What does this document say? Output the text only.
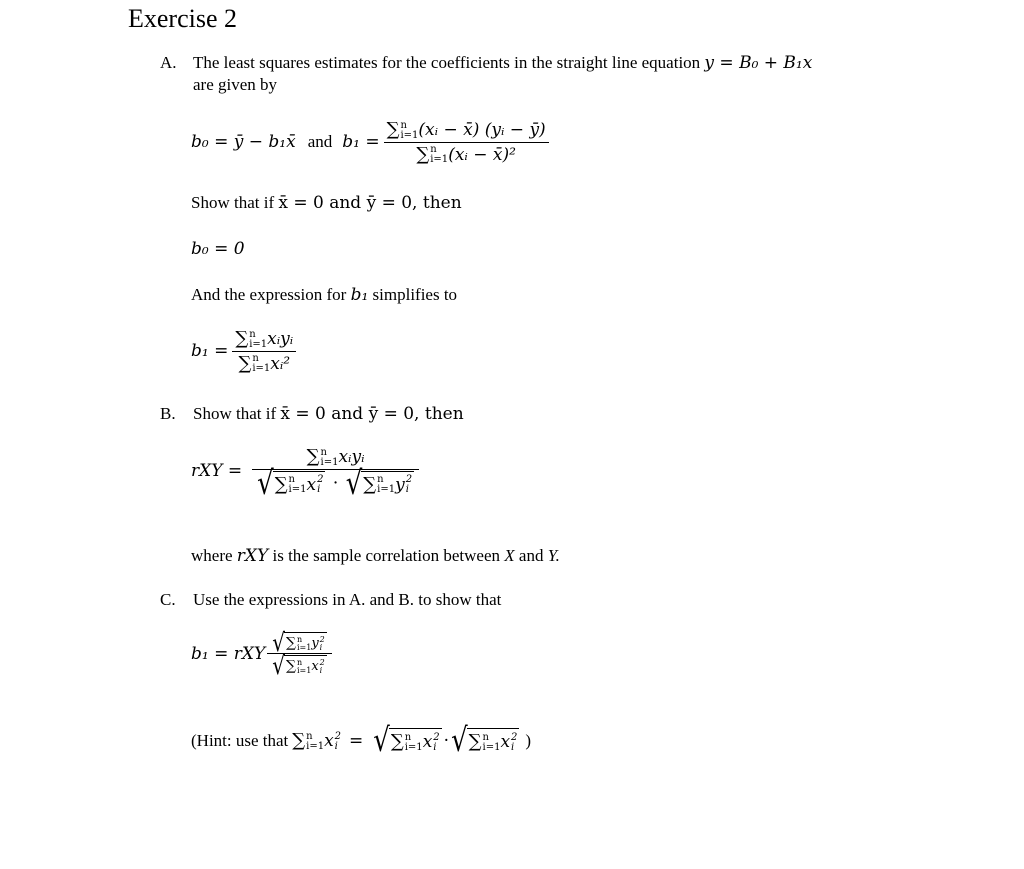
Exercise 2
A. The least squares estimates for the coefficients in the straight line equation y = B₀ + B₁x
are given by
b₀ = ȳ − b₁x̄ and b₁ = ∑ n
i=1 (xᵢ − x̄) (yᵢ − ȳ)
∑ n
i=1 (xᵢ − x̄)²
Show that if x̄ = 0 and ȳ = 0, then
b₀ = 0
And the expression for b₁ simplifies to
b₁ = ∑ n
i=1 xᵢyᵢ
∑ n
i=1 xᵢ²
B. Show that if x̄ = 0 and ȳ = 0, then
rXY = ∑ n
i=1 xᵢyᵢ
√ ∑ n
i=1 x 2
i · √ ∑ n
i=1 y 2
i
where rXY is the sample correlation between X and Y.
C. Use the expressions in A. and B. to show that
b₁ = rXY √ ∑ n
i=1 y 2
i
√ ∑ n
i=1 x 2
i
(Hint: use that ∑ n
i=1 x 2
i = √ ∑ n
i=1 x 2
i · √ ∑ n
i=1 x 2
i )
